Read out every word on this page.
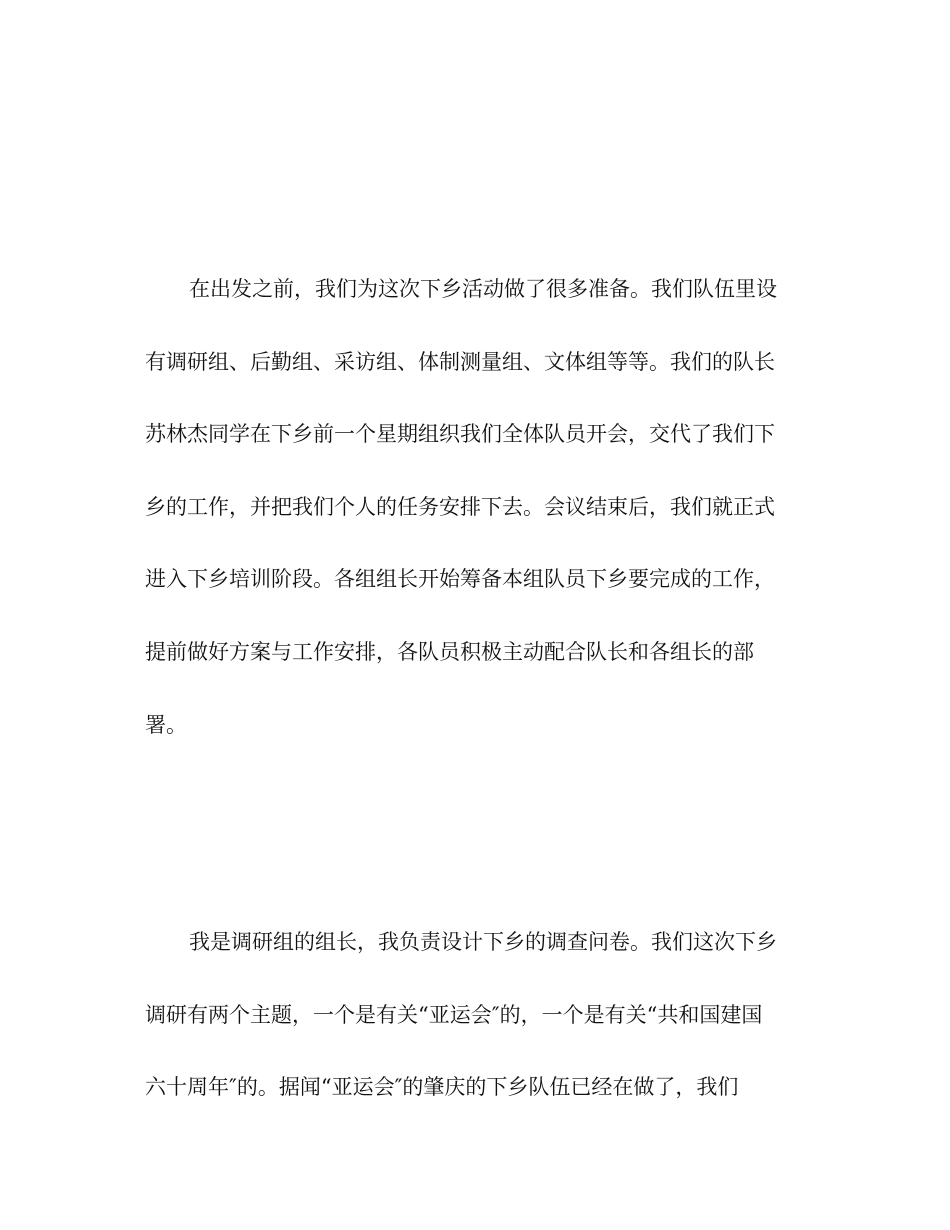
在出发之前，我们为这次下乡活动做了很多准备。我们队伍里设
有调研组、后勤组、采访组、体制测量组、文体组等等。我们的队长
苏林杰同学在下乡前一个星期组织我们全体队员开会，交代了我们下
乡的工作，并把我们个人的任务安排下去。会议结束后，我们就正式
进入下乡培训阶段。各组组长开始筹备本组队员下乡要完成的工作，
提前做好方案与工作安排，各队员积极主动配合队长和各组长的部
署。

我是调研组的组长，我负责设计下乡的调查问卷。我们这次下乡
调研有两个主题，一个是有关“亚运会″的，一个是有关“共和国建国
六十周年″的。据闻“亚运会″的肇庆的下乡队伍已经在做了，我们
